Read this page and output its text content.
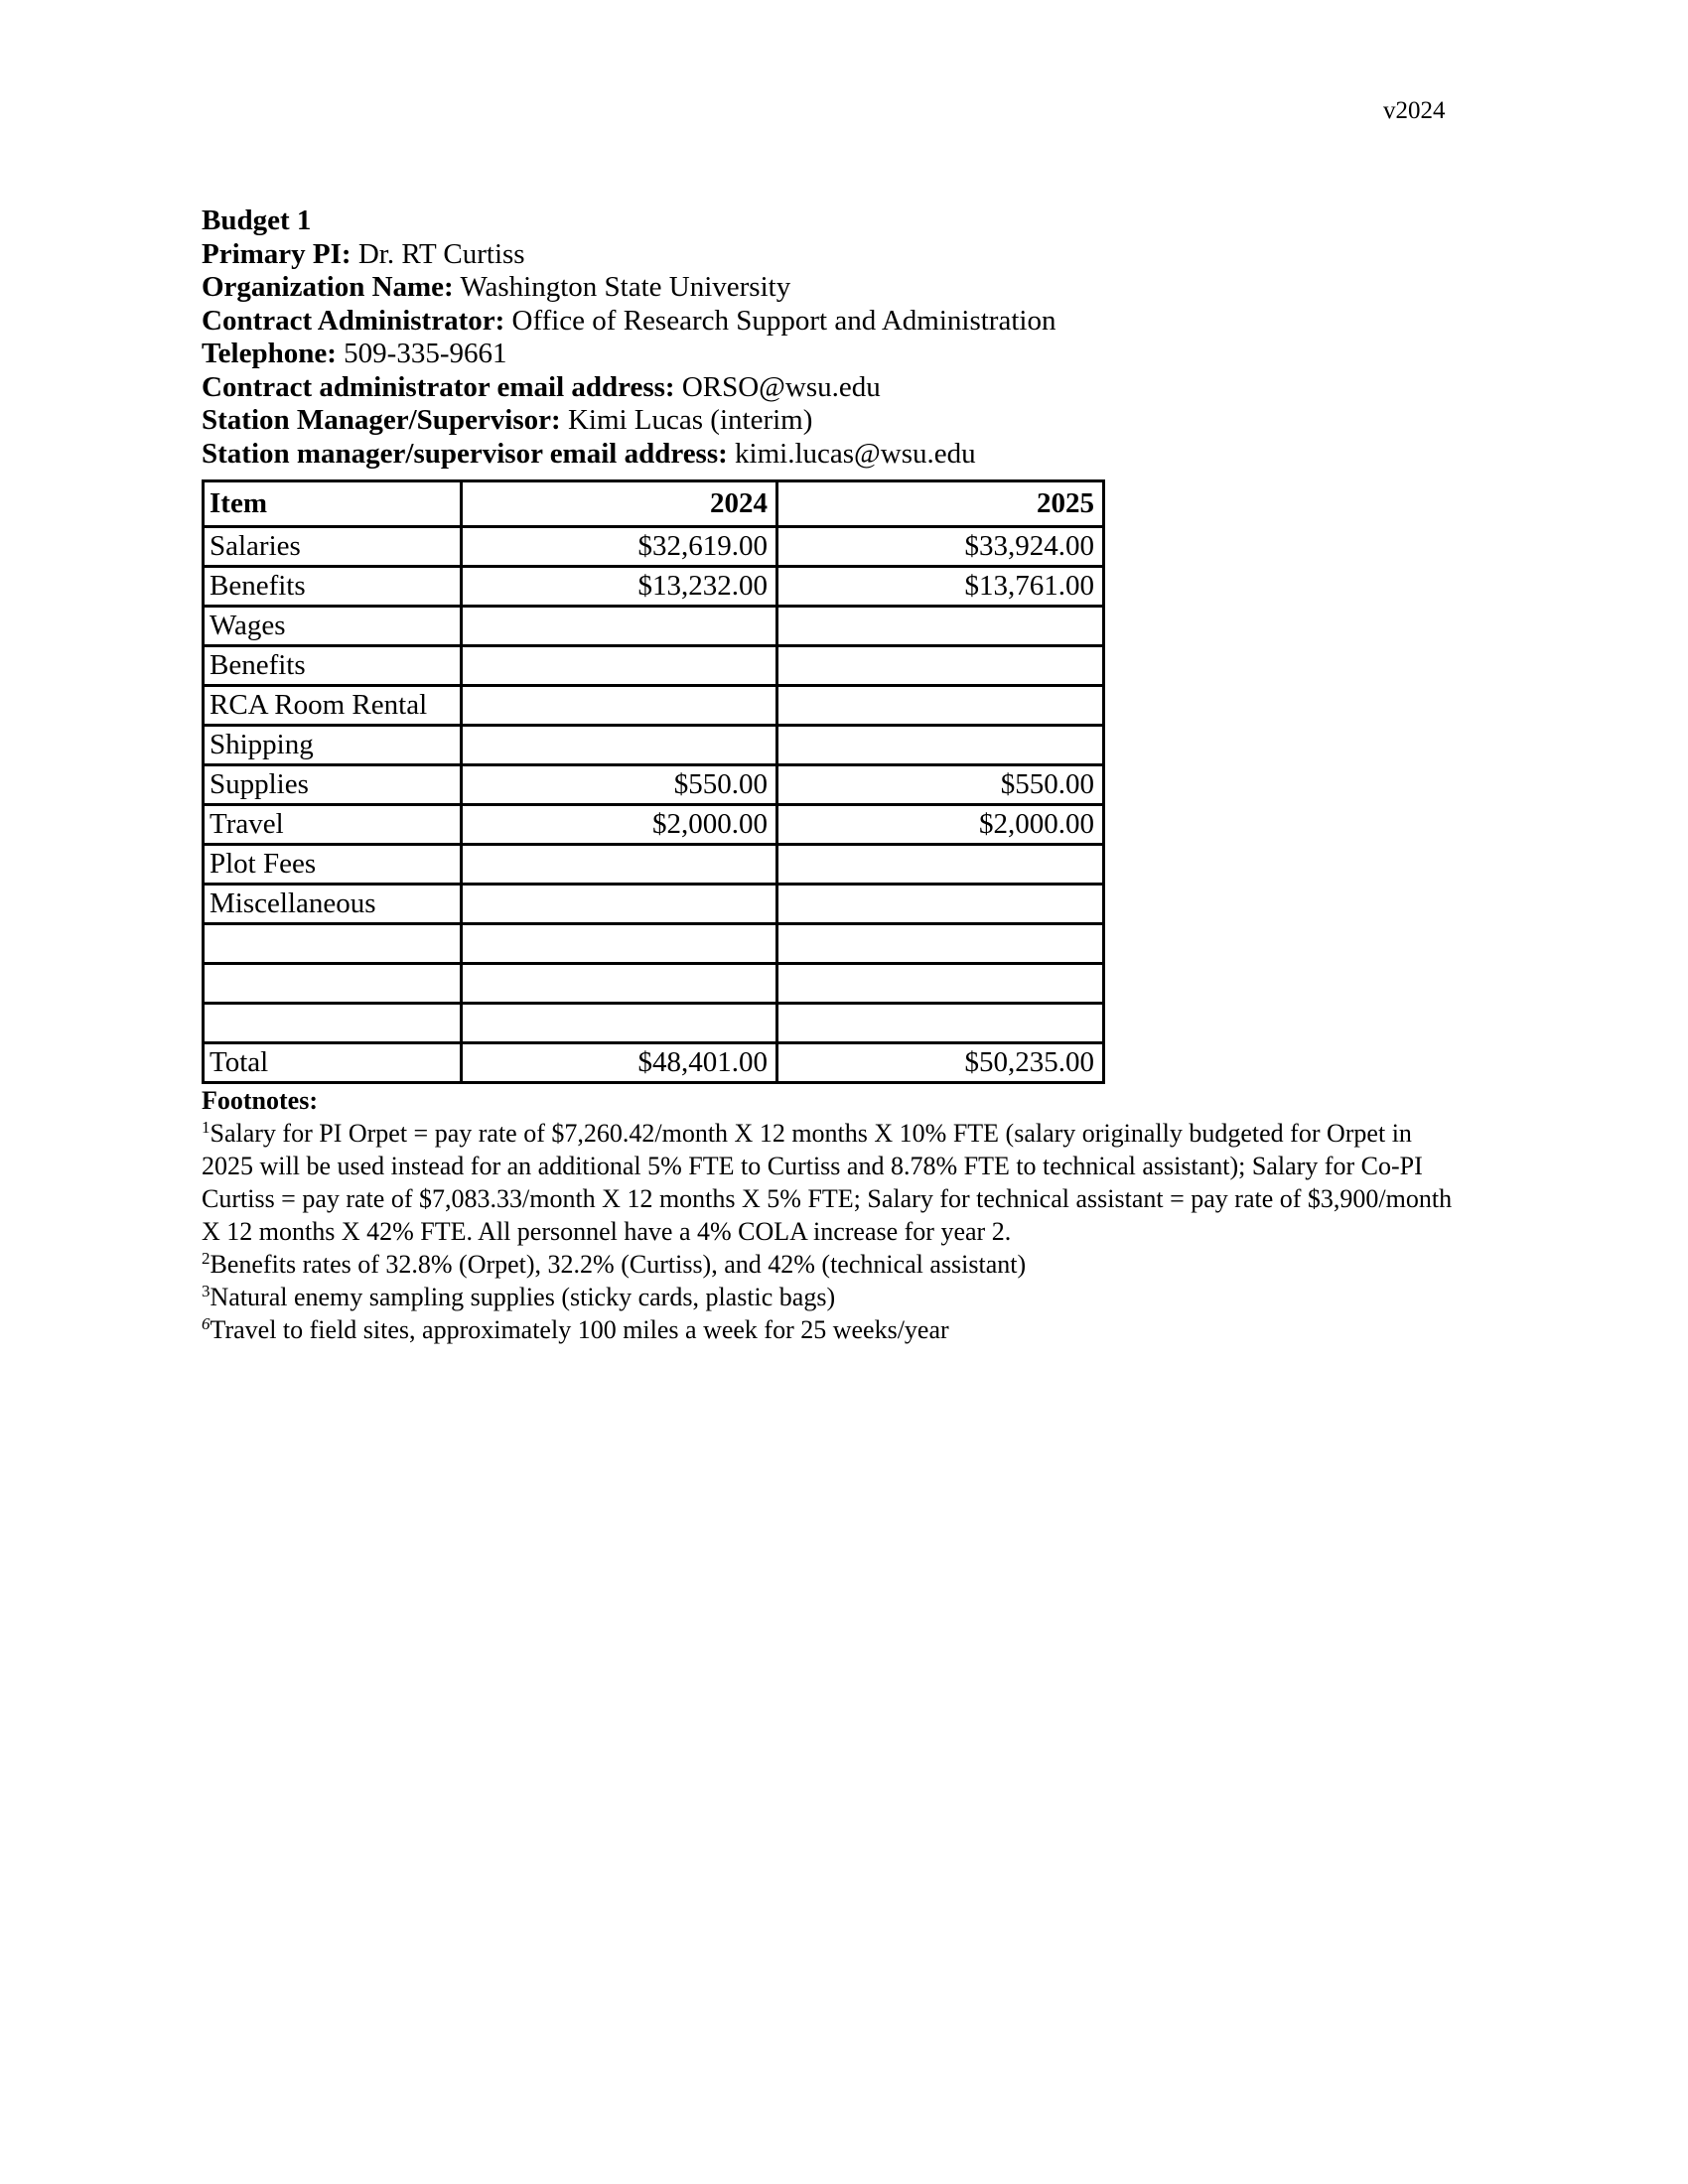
v2024
Budget 1
Primary PI: Dr. RT Curtiss
Organization Name: Washington State University
Contract Administrator: Office of Research Support and Administration
Telephone: 509-335-9661
Contract administrator email address: ORSO@wsu.edu
Station Manager/Supervisor: Kimi Lucas (interim)
Station manager/supervisor email address: kimi.lucas@wsu.edu
Item	2024	2025
Salaries	$32,619.00	$33,924.00
Benefits	$13,232.00	$13,761.00
Wages		
Benefits		
RCA Room Rental		
Shipping		
Supplies	$550.00	$550.00
Travel	$2,000.00	$2,000.00
Plot Fees		
Miscellaneous		

Total	$48,401.00	$50,235.00
Footnotes:
$^1$Salary for PI Orpet = pay rate of $7,260.42/month X 12 months X 10% FTE (salary originally budgeted for Orpet in 2025 will be used instead for an additional 5% FTE to Curtiss and 8.78% FTE to technical assistant); Salary for Co-PI Curtiss = pay rate of $7,083.33/month X 12 months X 5% FTE; Salary for technical assistant = pay rate of $3,900/month X 12 months X 42% FTE. All personnel have a 4% COLA increase for year 2.
$^2$Benefits rates of 32.8% (Orpet), 32.2% (Curtiss), and 42% (technical assistant)
$^3$Natural enemy sampling supplies (sticky cards, plastic bags)
$^6$Travel to field sites, approximately 100 miles a week for 25 weeks/year
